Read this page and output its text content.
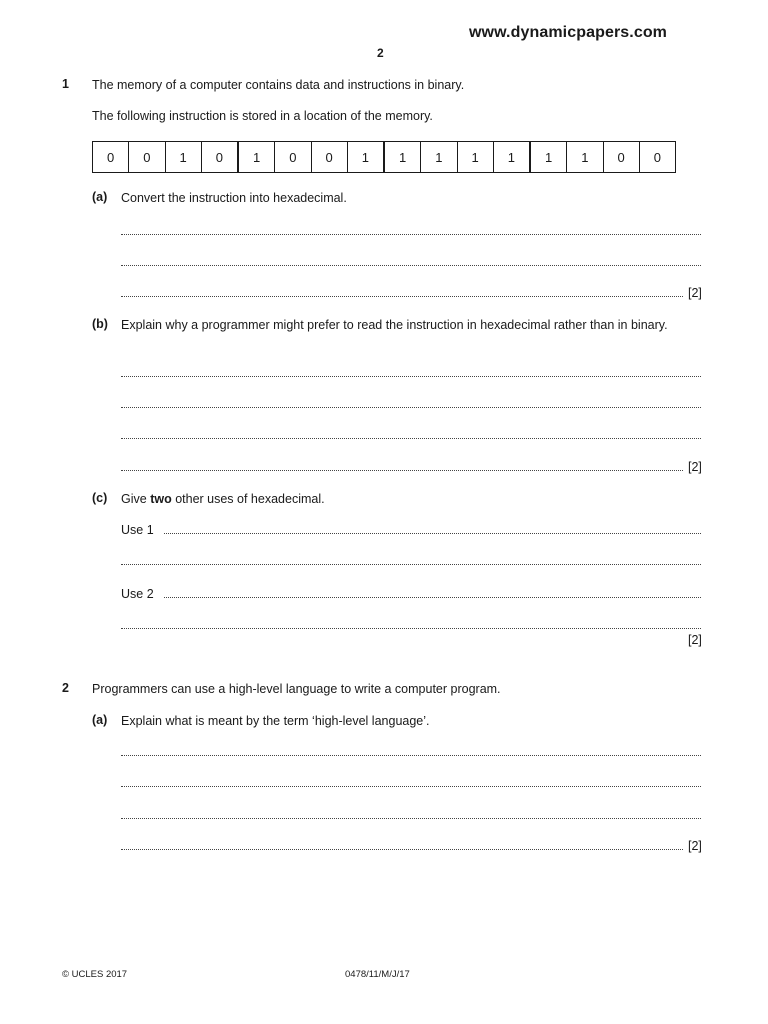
www.dynamicpapers.com
2
1 The memory of a computer contains data and instructions in binary.
The following instruction is stored in a location of the memory.
0	0	1	0	1	0	0	1	1	1	1	1	1	1	0	0
(a) Convert the instruction into hexadecimal.
[2]
(b) Explain why a programmer might prefer to read the instruction in hexadecimal rather than in binary.
[2]
(c) Give two other uses of hexadecimal.
Use 1
Use 2
[2]
2 Programmers can use a high-level language to write a computer program.
(a) Explain what is meant by the term ‘high-level language’.
[2]
© UCLES 2017	0478/11/M/J/17
